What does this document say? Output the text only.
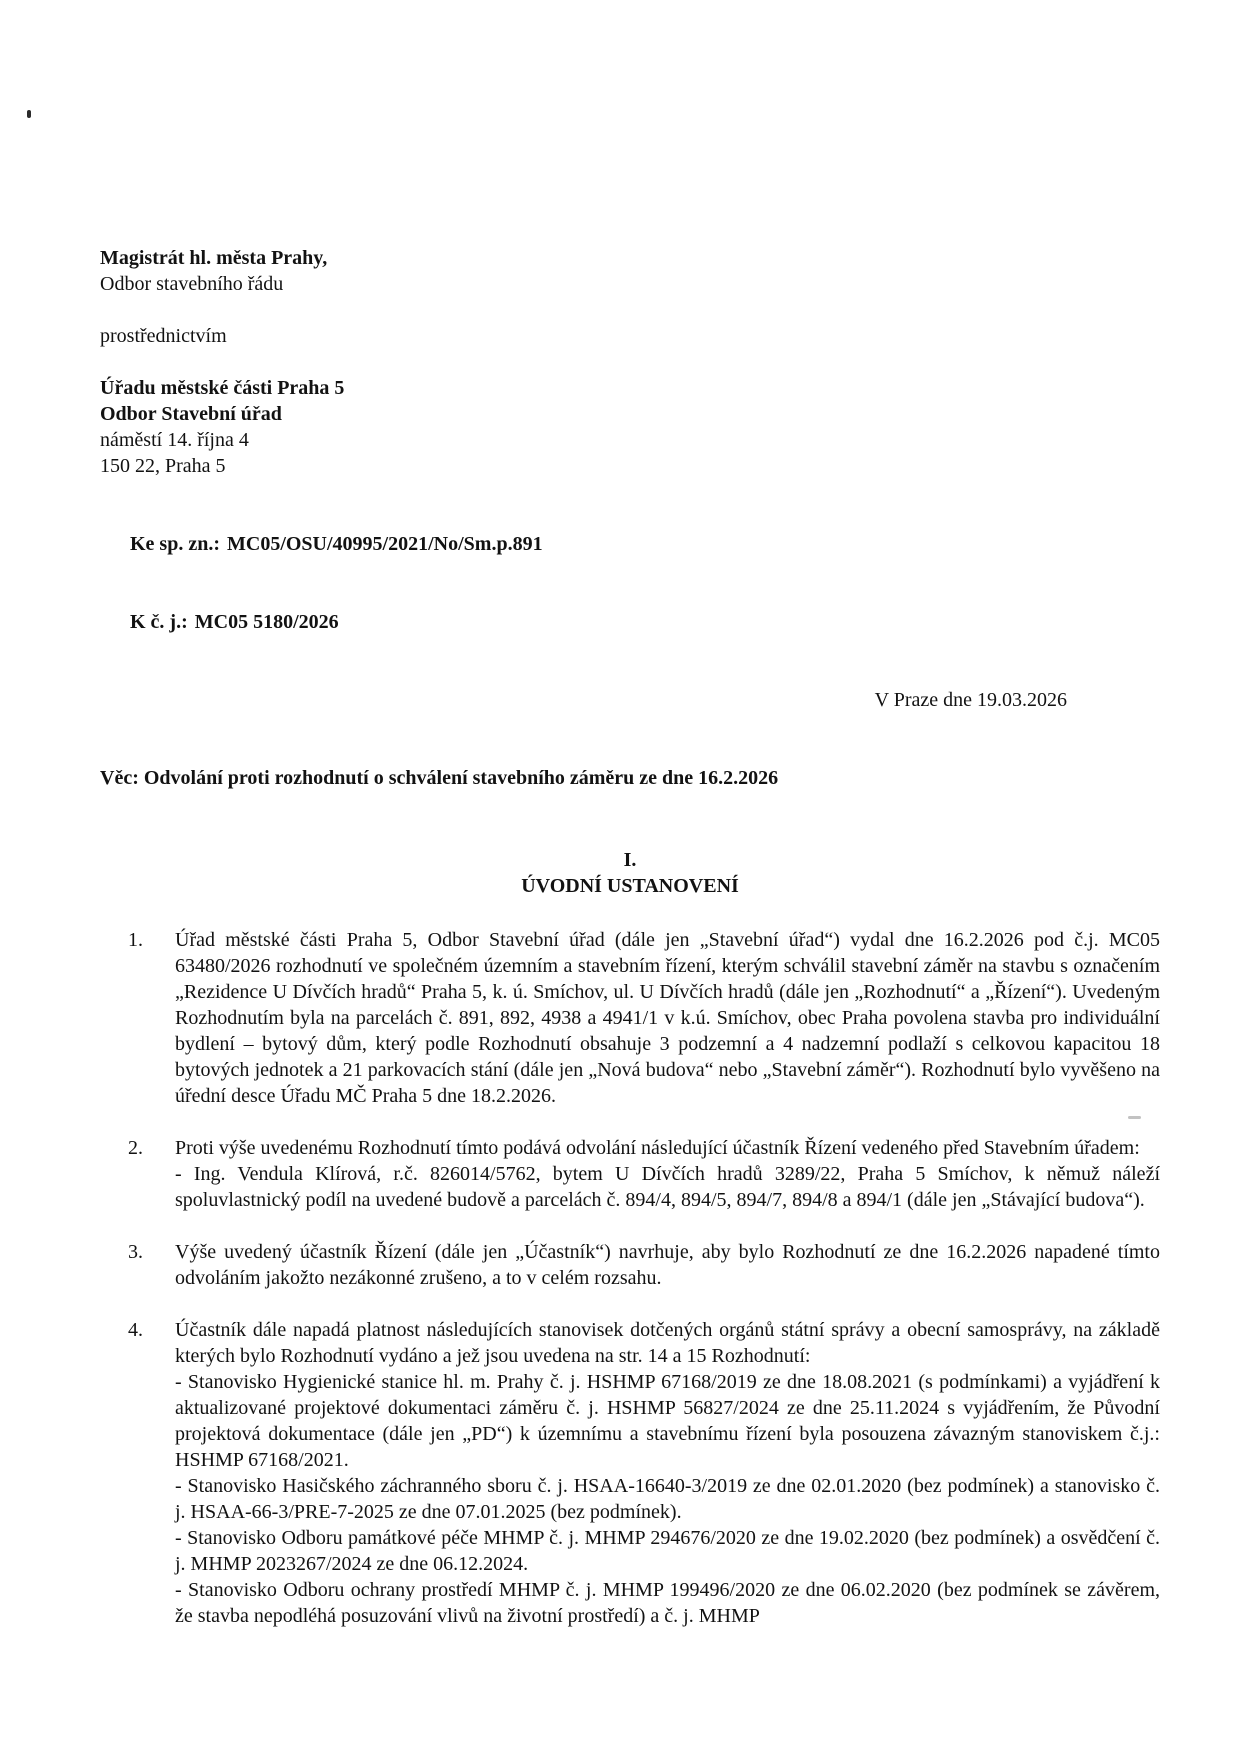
Magistrát hl. města Prahy,
Odbor stavebního řádu
prostřednictvím
Úřadu městské části Praha 5
Odbor Stavební úřad
náměstí 14. října 4
150 22, Praha 5

Ke sp. zn.: MC05/OSU/40995/2021/No/Sm.p.891

K č. j.: MC05 5180/2026

V Praze dne 19.03.2026
Věc: Odvolání proti rozhodnutí o schválení stavebního záměru ze dne 16.2.2026
I.
ÚVODNÍ USTANOVENÍ
1.	Úřad městské části Praha 5, Odbor Stavební úřad (dále jen „Stavební úřad“) vydal dne 16.2.2026 pod č.j. MC05 63480/2026 rozhodnutí ve společném územním a stavebním řízení, kterým schválil stavební záměr na stavbu s označením „Rezidence U Dívčích hradů“ Praha 5, k. ú. Smíchov, ul. U Dívčích hradů (dále jen „Rozhodnutí“ a „Řízení“). Uvedeným Rozhodnutím byla na parcelách č. 891, 892, 4938 a 4941/1 v k.ú. Smíchov, obec Praha povolena stavba pro individuální bydlení – bytový dům, který podle Rozhodnutí obsahuje 3 podzemní a 4 nadzemní podlaží s celkovou kapacitou 18 bytových jednotek a 21 parkovacích stání (dále jen „Nová budova“ nebo „Stavební záměr“). Rozhodnutí bylo vyvěšeno na úřední desce Úřadu MČ Praha 5 dne 18.2.2026.
2.	Proti výše uvedenému Rozhodnutí tímto podává odvolání následující účastník Řízení vedeného před Stavebním úřadem:
- Ing. Vendula Klírová, r.č. 826014/5762, bytem U Dívčích hradů 3289/22, Praha 5 Smíchov, k němuž náleží spoluvlastnický podíl na uvedené budově a parcelách č. 894/4, 894/5, 894/7, 894/8 a 894/1 (dále jen „Stávající budova“).
3.	Výše uvedený účastník Řízení (dále jen „Účastník“) navrhuje, aby bylo Rozhodnutí ze dne 16.2.2026 napadené tímto odvoláním jakožto nezákonné zrušeno, a to v celém rozsahu.
4.	Účastník dále napadá platnost následujících stanovisek dotčených orgánů státní správy a obecní samosprávy, na základě kterých bylo Rozhodnutí vydáno a jež jsou uvedena na str. 14 a 15 Rozhodnutí:
- Stanovisko Hygienické stanice hl. m. Prahy č. j. HSHMP 67168/2019 ze dne 18.08.2021 (s podmínkami) a vyjádření k aktualizované projektové dokumentaci záměru č. j. HSHMP 56827/2024 ze dne 25.11.2024 s vyjádřením, že Původní projektová dokumentace (dále jen „PD“) k územnímu a stavebnímu řízení byla posouzena závazným stanoviskem č.j.: HSHMP 67168/2021.
- Stanovisko Hasičského záchranného sboru č. j. HSAA-16640-3/2019 ze dne 02.01.2020 (bez podmínek) a stanovisko č. j. HSAA-66-3/PRE-7-2025 ze dne 07.01.2025 (bez podmínek).
- Stanovisko Odboru památkové péče MHMP č. j. MHMP 294676/2020 ze dne 19.02.2020 (bez podmínek) a osvědčení č. j. MHMP 2023267/2024 ze dne 06.12.2024.
- Stanovisko Odboru ochrany prostředí MHMP č. j. MHMP 199496/2020 ze dne 06.02.2020 (bez podmínek se závěrem, že stavba nepodléhá posuzování vlivů na životní prostředí) a č. j. MHMP
